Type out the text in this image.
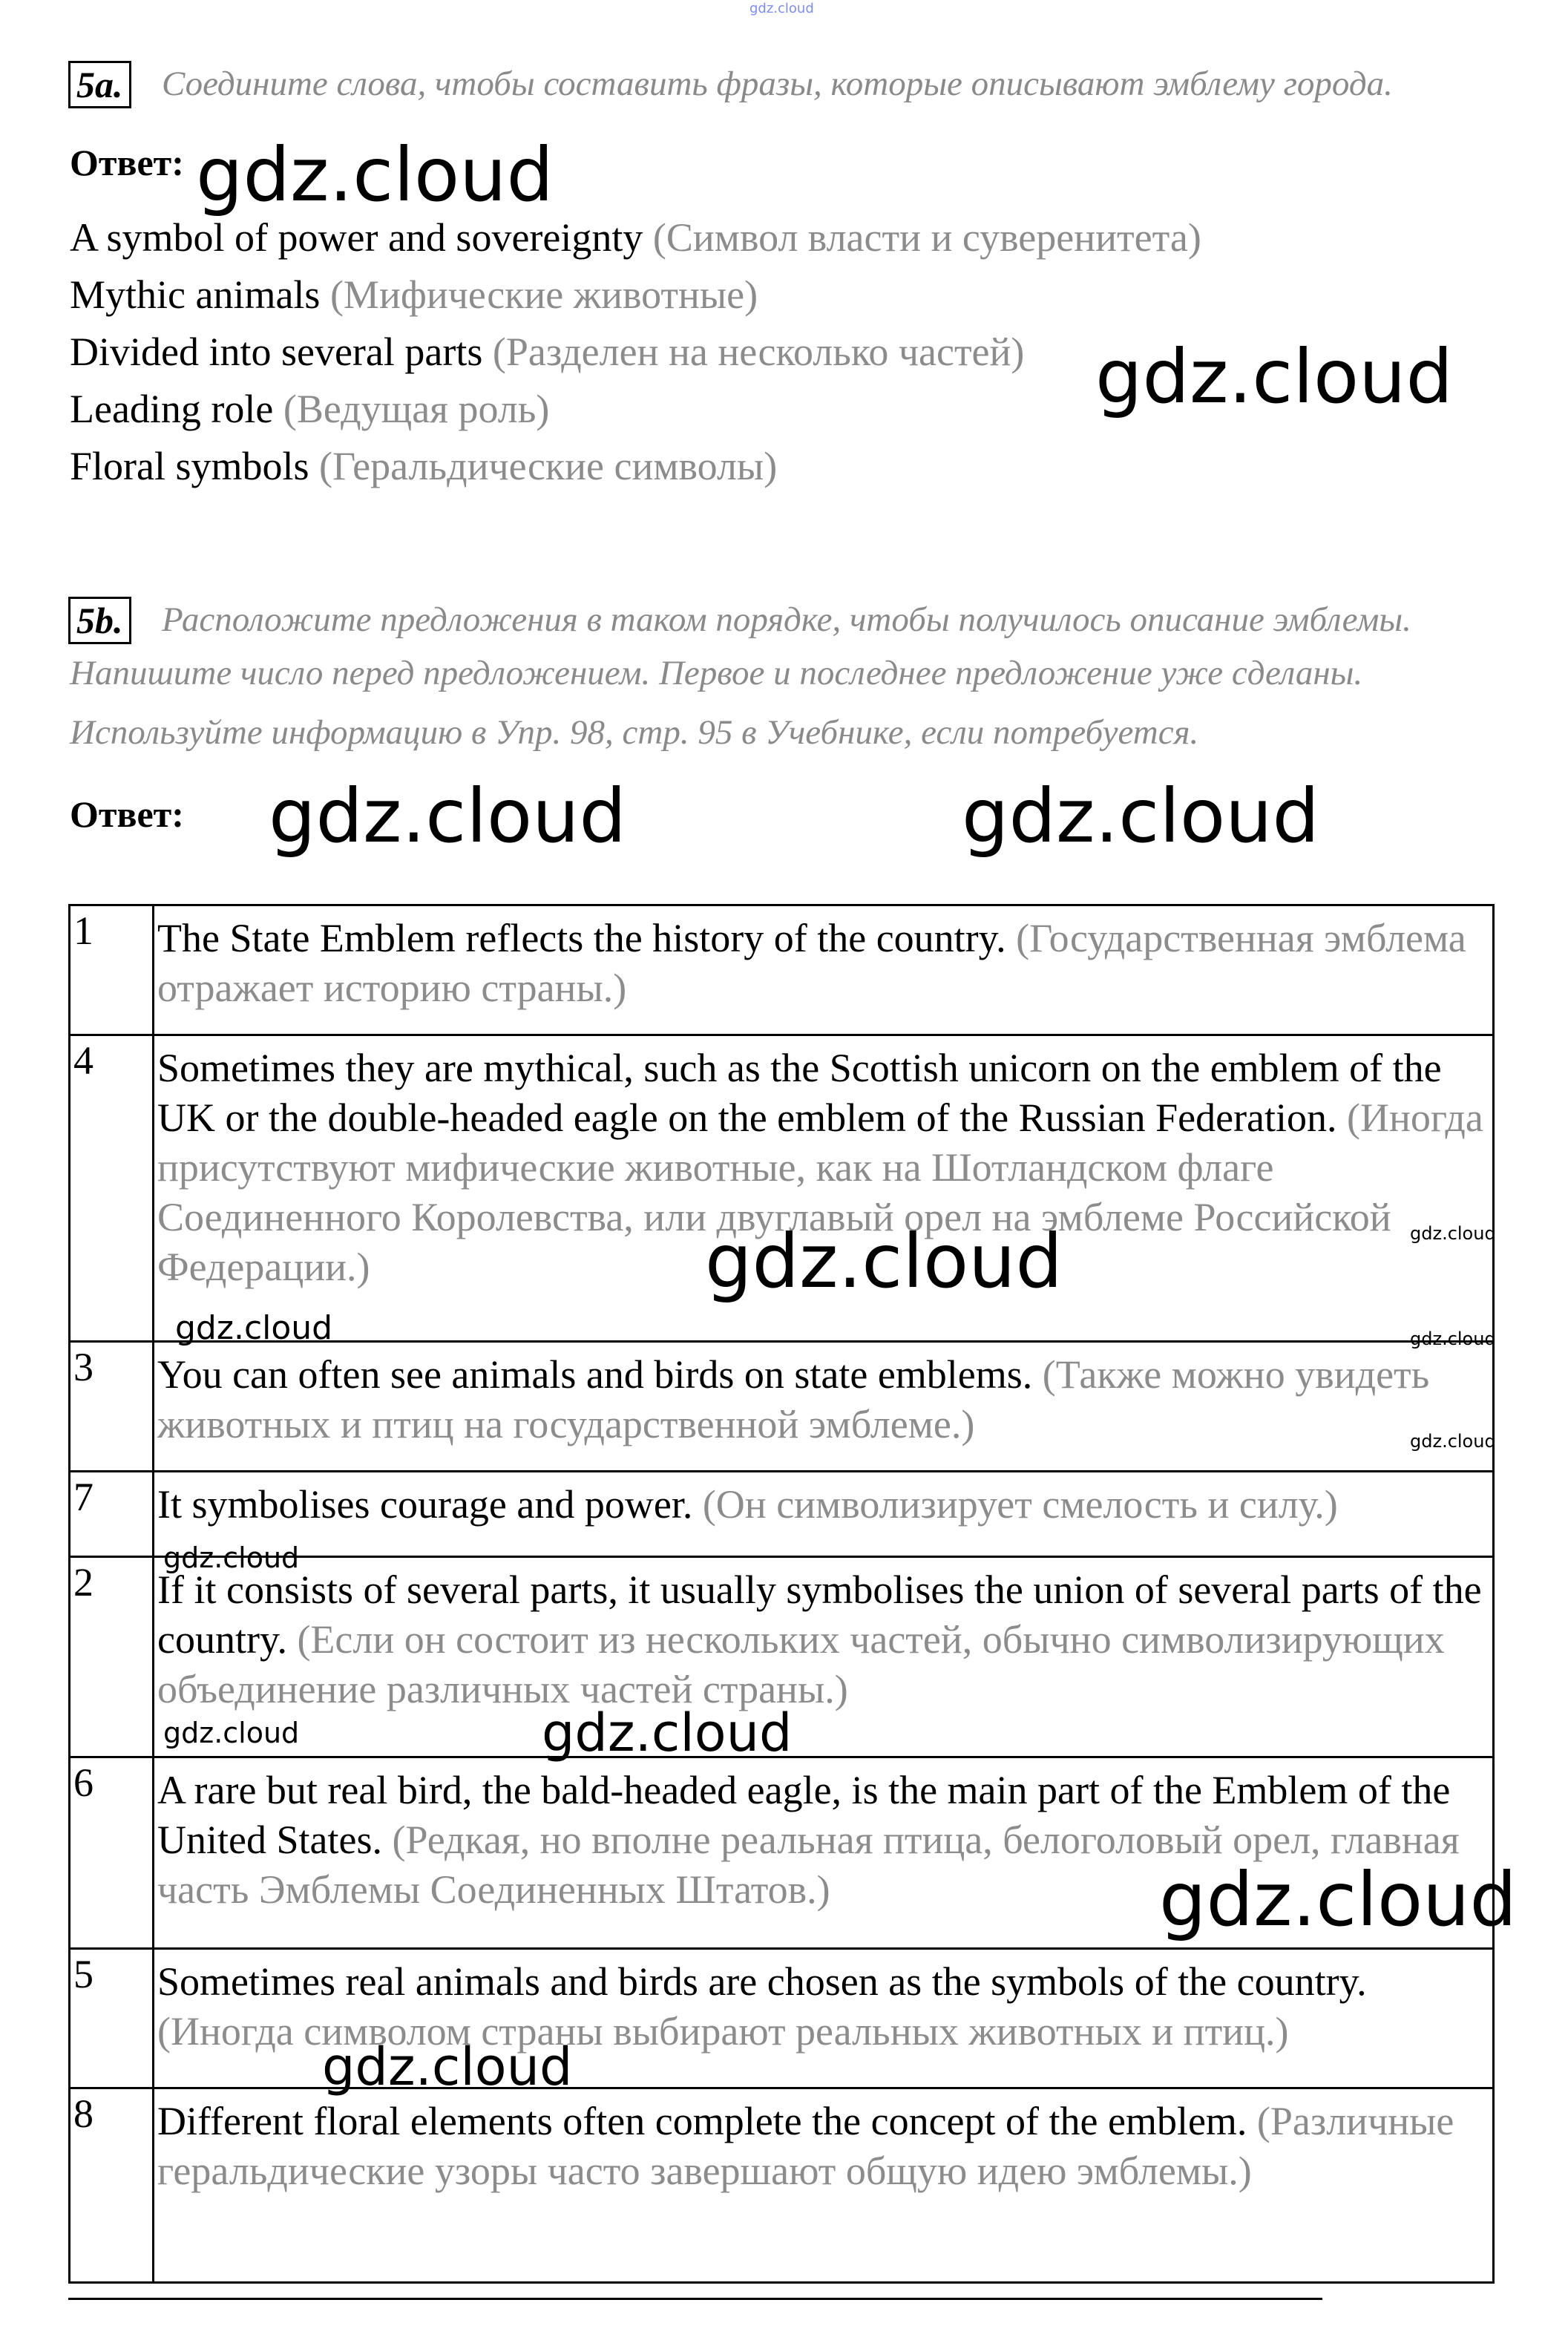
gdz.cloud
5a. Соедините слова, чтобы составить фразы, которые описывают эмблему города.
Ответ: gdz.cloud
A symbol of power and sovereignty (Символ власти и суверенитета)
Mythic animals (Мифические животные)
Divided into several parts (Разделен на несколько частей)
Leading role (Ведущая роль)
Floral symbols (Геральдические символы)
gdz.cloud
5b. Расположите предложения в таком порядке, чтобы получилось описание эмблемы.
Напишите число перед предложением. Первое и последнее предложение уже сделаны.
Используйте информацию в Упр. 98, стр. 95 в Учебнике, если потребуется.
Ответ: gdz.cloud	gdz.cloud
1	The State Emblem reflects the history of the country. (Государственная эмблема отражает историю страны.)
4	Sometimes they are mythical, such as the Scottish unicorn on the emblem of the UK or the double-headed eagle on the emblem of the Russian Federation. (Иногда присутствуют мифические животные, как на Шотландском флаге Соединенного Королевства, или двуглавый орел на эмблеме Российской Федерации.)
3	You can often see animals and birds on state emblems. (Также можно увидеть животных и птиц на государственной эмблеме.)
7	It symbolises courage and power. (Он символизирует смелость и силу.)
2	If it consists of several parts, it usually symbolises the union of several parts of the country. (Если он состоит из нескольких частей, обычно символизирующих объединение различных частей страны.)
6	A rare but real bird, the bald-headed eagle, is the main part of the Emblem of the United States. (Редкая, но вполне реальная птица, белоголовый орел, главная часть Эмблемы Соединенных Штатов.)
5	Sometimes real animals and birds are chosen as the symbols of the country. (Иногда символом страны выбирают реальных животных и птиц.)
8	Different floral elements often complete the concept of the emblem. (Различные геральдические узоры часто завершают общую идею эмблемы.)
gdz.cloud	gdz.cloud
gdz.cloud	gdz.cloud
gdz.cloud
gdz.cloud
gdz.cloud	gdz.cloud
gdz.cloud
gdz.cloud
